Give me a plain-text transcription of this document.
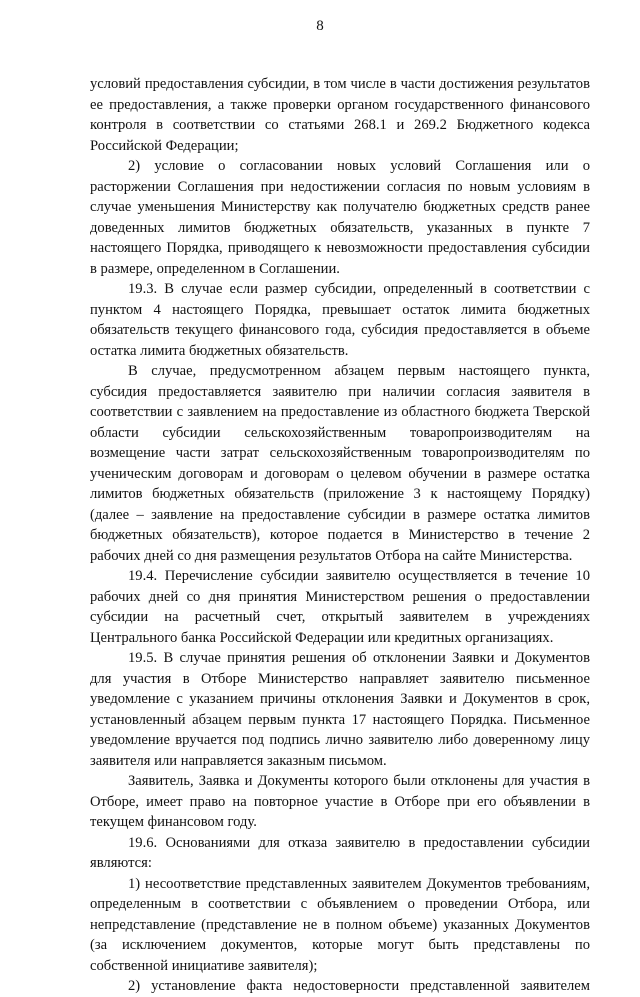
8

условий предоставления субсидии, в том числе в части достижения результатов ее предоставления, а также проверки органом государственного финансового контроля в соответствии со статьями 268.1 и 269.2 Бюджетного кодекса Российской Федерации;

2) условие о согласовании новых условий Соглашения или о расторжении Соглашения при недостижении согласия по новым условиям в случае уменьшения Министерству как получателю бюджетных средств ранее доведенных лимитов бюджетных обязательств, указанных в пункте 7 настоящего Порядка, приводящего к невозможности предоставления субсидии в размере, определенном в Соглашении.

19.3. В случае если размер субсидии, определенный в соответствии с пунктом 4 настоящего Порядка, превышает остаток лимита бюджетных обязательств текущего финансового года, субсидия предоставляется в объеме остатка лимита бюджетных обязательств.

В случае, предусмотренном абзацем первым настоящего пункта, субсидия предоставляется заявителю при наличии согласия заявителя в соответствии с заявлением на предоставление из областного бюджета Тверской области субсидии сельскохозяйственным товаропроизводителям на

возмещение части затрат сельскохозяйственным товаропроизводителям по ученическим договорам и договорам о целевом обучении в размере остатка лимитов бюджетных обязательств (приложение 3 к настоящему Порядку) (далее – заявление на предоставление субсидии в размере остатка лимитов бюджетных обязательств), которое подается в Министерство в течение 2 рабочих дней со дня размещения результатов Отбора на сайте Министерства.

19.4. Перечисление субсидии заявителю осуществляется в течение 10 рабочих дней со дня принятия Министерством решения о предоставлении субсидии на расчетный счет, открытый заявителем в учреждениях Центрального банка Российской Федерации или кредитных организациях.

19.5. В случае принятия решения об отклонении Заявки и Документов для участия в Отборе Министерство направляет заявителю письменное уведомление с указанием причины отклонения Заявки и Документов в срок, установленный абзацем первым пункта 17 настоящего Порядка. Письменное уведомление вручается под подпись лично заявителю либо доверенному лицу заявителя или направляется заказным письмом.

Заявитель, Заявка и Документы которого были отклонены для участия в Отборе, имеет право на повторное участие в Отборе при его объявлении в текущем финансовом году.

19.6. Основаниями для отказа заявителю в предоставлении субсидии являются:

1) несоответствие представленных заявителем Документов требованиям, определенным в соответствии с объявлением о проведении Отбора, или непредставление (представление не в полном объеме) указанных Документов (за исключением документов, которые могут быть представлены по собственной инициативе заявителя);

2) установление факта недостоверности представленной заявителем
